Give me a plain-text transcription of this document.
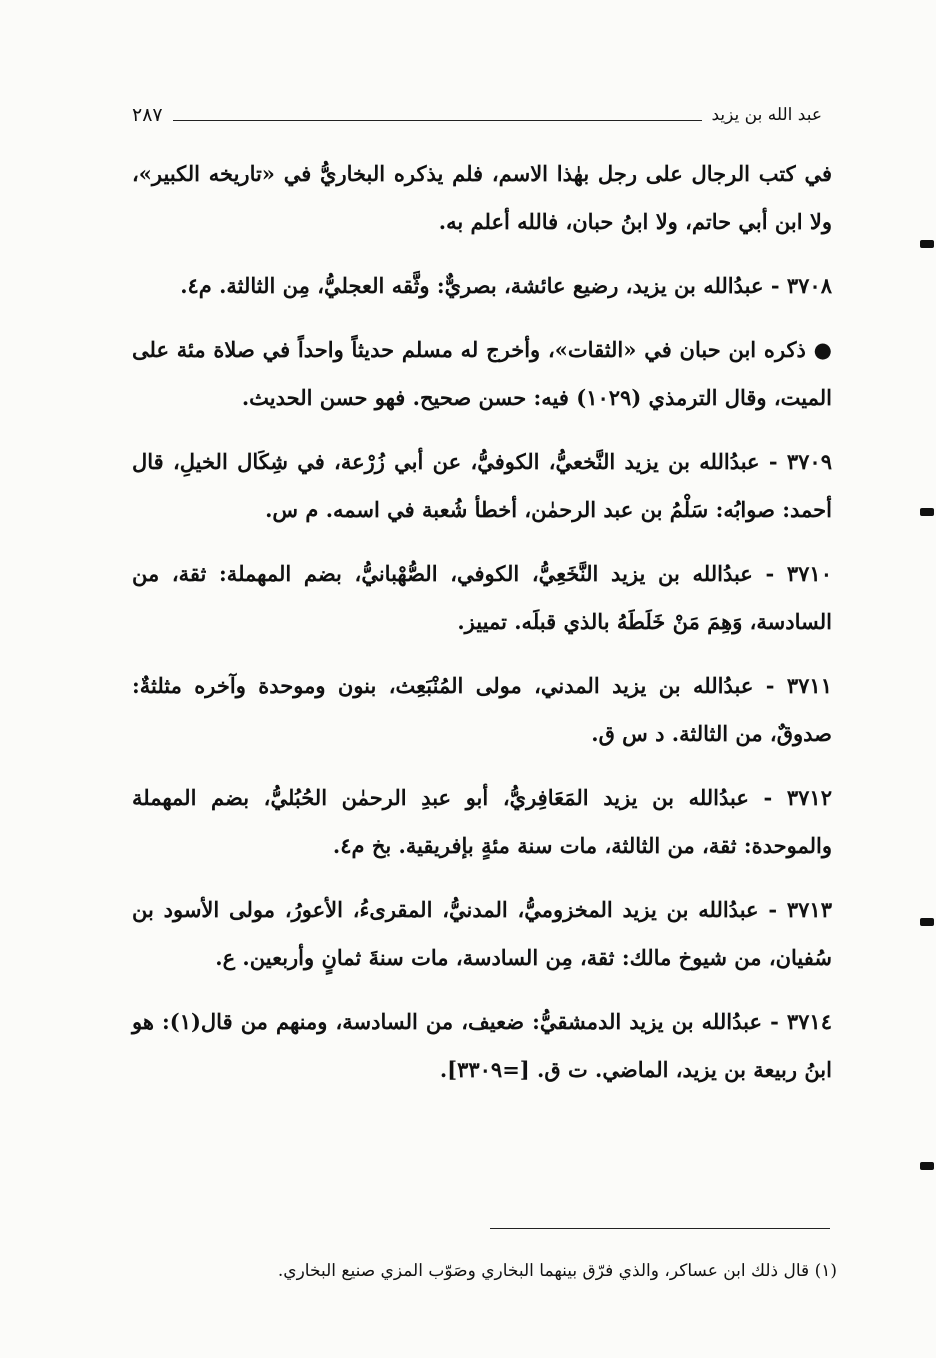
عبد الله بن يزيد
٢٨٧

في كتب الرجال على رجل بهٰذا الاسم، فلم يذكره البخاريُّ في «تاريخه الكبير»، ولا ابن أبي حاتم، ولا ابنُ حبان، فالله أعلم به.

٣٧٠٨ - عبدُالله بن يزيد، رضيع عائشة، بصريٌّ: وثَّقه العجليُّ، مِن الثالثة. م٤.

● ذكره ابن حبان في «الثقات»، وأخرج له مسلم حديثاً واحداً في صلاة مئة على الميت، وقال الترمذي (١٠٢٩) فيه: حسن صحيح. فهو حسن الحديث.

٣٧٠٩ - عبدُالله بن يزيد النَّخعيُّ، الكوفيُّ، عن أبي زُرْعة، في شِكَال الخيلِ، قال أحمد: صوابُه: سَلْمُ بن عبد الرحمٰن، أخطأ شُعبة في اسمه. م س.

٣٧١٠ - عبدُالله بن يزيد النَّخَعِيُّ، الكوفي، الصُّهْبانيُّ، بضم المهملة: ثقة، من السادسة، وَهِمَ مَنْ خَلَطَهُ بالذي قبلَه. تمييز.

٣٧١١ - عبدُالله بن يزيد المدني، مولى المُنْبَعِث، بنون وموحدة وآخره مثلثةٌ: صدوقٌ، من الثالثة. د س ق.

٣٧١٢ - عبدُالله بن يزيد المَعَافِريُّ، أبو عبدِ الرحمٰن الحُبُليُّ، بضم المهملة والموحدة: ثقة، من الثالثة، مات سنة مئةٍ بإفريقية. بخ م٤.

٣٧١٣ - عبدُالله بن يزيد المخزوميُّ، المدنيُّ، المقرىءُ، الأعورُ، مولى الأسود بن سُفيان، من شيوخ مالك: ثقة، مِن السادسة، مات سنةَ ثمانٍ وأربعين. ع.

٣٧١٤ - عبدُالله بن يزيد الدمشقيُّ: ضعيف، من السادسة، ومنهم من قال(١): هو ابنُ ربيعة بن يزيد، الماضي. ت ق. [=٣٣٠٩].

(١) قال ذلك ابن عساكر، والذي فرّق بينهما البخاري وصَوّب المزي صنيع البخاري.
